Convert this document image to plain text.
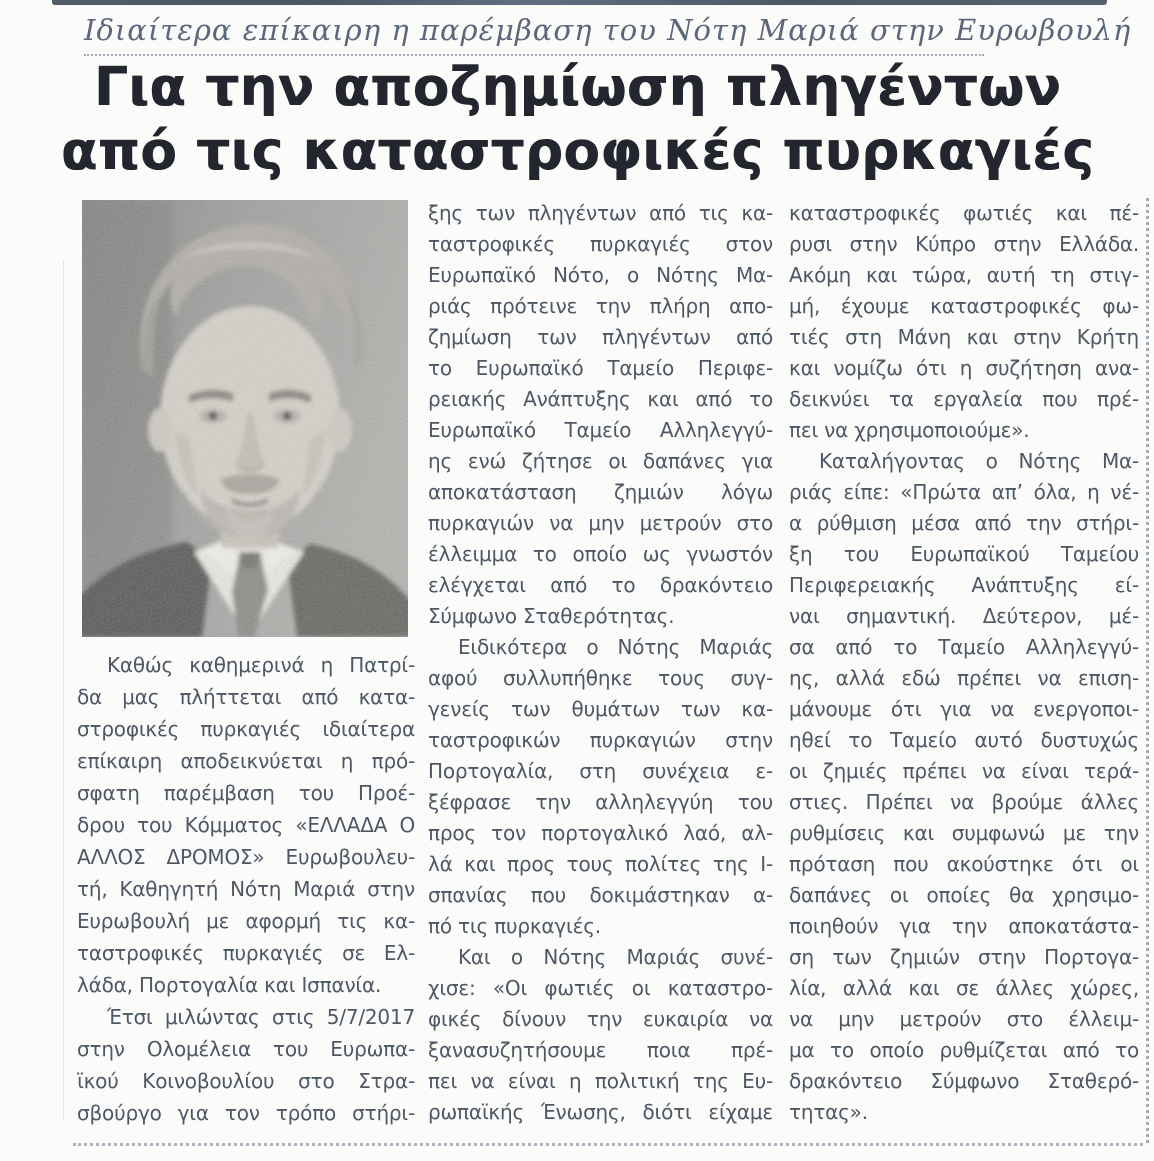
Ιδιαίτερα επίκαιρη η παρέμβαση του Νότη Μαριά στην Ευρωβουλή
Για την αποζημίωση πληγέντων
από τις καταστροφικές πυρκαγιές
Καθώς καθημερινά η Πατρί-
δα μας πλήττεται από κατα-
στροφικές πυρκαγιές ιδιαίτερα
επίκαιρη αποδεικνύεται η πρό-
σφατη παρέμβαση του Προέ-
δρου του Κόμματος «ΕΛΛΑΔΑ Ο
ΑΛΛΟΣ ΔΡΟΜΟΣ» Ευρωβουλευ-
τή, Καθηγητή Νότη Μαριά στην
Ευρωβουλή με αφορμή τις κα-
ταστροφικές πυρκαγιές σε Ελ-
λάδα, Πορτογαλία και Ισπανία.
Έτσι μιλώντας στις 5/7/2017
στην Ολομέλεια του Ευρωπα-
ϊκού Κοινοβουλίου στο Στρα-
σβούργο για τον τρόπο στήρι-
ξης των πληγέντων από τις κα-
ταστροφικές πυρκαγιές στον
Ευρωπαϊκό Νότο, ο Νότης Μα-
ριάς πρότεινε την πλήρη απο-
ζημίωση των πληγέντων από
το Ευρωπαϊκό Ταμείο Περιφε-
ρειακής Ανάπτυξης και από το
Ευρωπαϊκό Ταμείο Αλληλεγγύ-
ης ενώ ζήτησε οι δαπάνες για
αποκατάσταση ζημιών λόγω
πυρκαγιών να μην μετρούν στο
έλλειμμα το οποίο ως γνωστόν
ελέγχεται από το δρακόντειο
Σύμφωνο Σταθερότητας.
Ειδικότερα ο Νότης Μαριάς
αφού συλλυπήθηκε τους συγ-
γενείς των θυμάτων των κα-
ταστροφικών πυρκαγιών στην
Πορτογαλία, στη συνέχεια ε-
ξέφρασε την αλληλεγγύη του
προς τον πορτογαλικό λαό, αλ-
λά και προς τους πολίτες της Ι-
σπανίας που δοκιμάστηκαν α-
πό τις πυρκαγιές.
Και ο Νότης Μαριάς συνέ-
χισε: «Οι φωτιές οι καταστρο-
φικές δίνουν την ευκαιρία να
ξανασυζητήσουμε ποια πρέ-
πει να είναι η πολιτική της Ευ-
ρωπαϊκής Ένωσης, διότι είχαμε
καταστροφικές φωτιές και πέ-
ρυσι στην Κύπρο στην Ελλάδα.
Ακόμη και τώρα, αυτή τη στιγ-
μή, έχουμε καταστροφικές φω-
τιές στη Μάνη και στην Κρήτη
και νομίζω ότι η συζήτηση ανα-
δεικνύει τα εργαλεία που πρέ-
πει να χρησιμοποιούμε».
Καταλήγοντας ο Νότης Μα-
ριάς είπε: «Πρώτα απ’ όλα, η νέ-
α ρύθμιση μέσα από την στήρι-
ξη του Ευρωπαϊκού Ταμείου
Περιφερειακής Ανάπτυξης εί-
ναι σημαντική. Δεύτερον, μέ-
σα από το Ταμείο Αλληλεγγύ-
ης, αλλά εδώ πρέπει να επιση-
μάνουμε ότι για να ενεργοποι-
ηθεί το Ταμείο αυτό δυστυχώς
οι ζημιές πρέπει να είναι τερά-
στιες. Πρέπει να βρούμε άλλες
ρυθμίσεις και συμφωνώ με την
πρόταση που ακούστηκε ότι οι
δαπάνες οι οποίες θα χρησιμο-
ποιηθούν για την αποκατάστα-
ση των ζημιών στην Πορτογα-
λία, αλλά και σε άλλες χώρες,
να μην μετρούν στο έλλειμ-
μα το οποίο ρυθμίζεται από το
δρακόντειο Σύμφωνο Σταθερό-
τητας».
